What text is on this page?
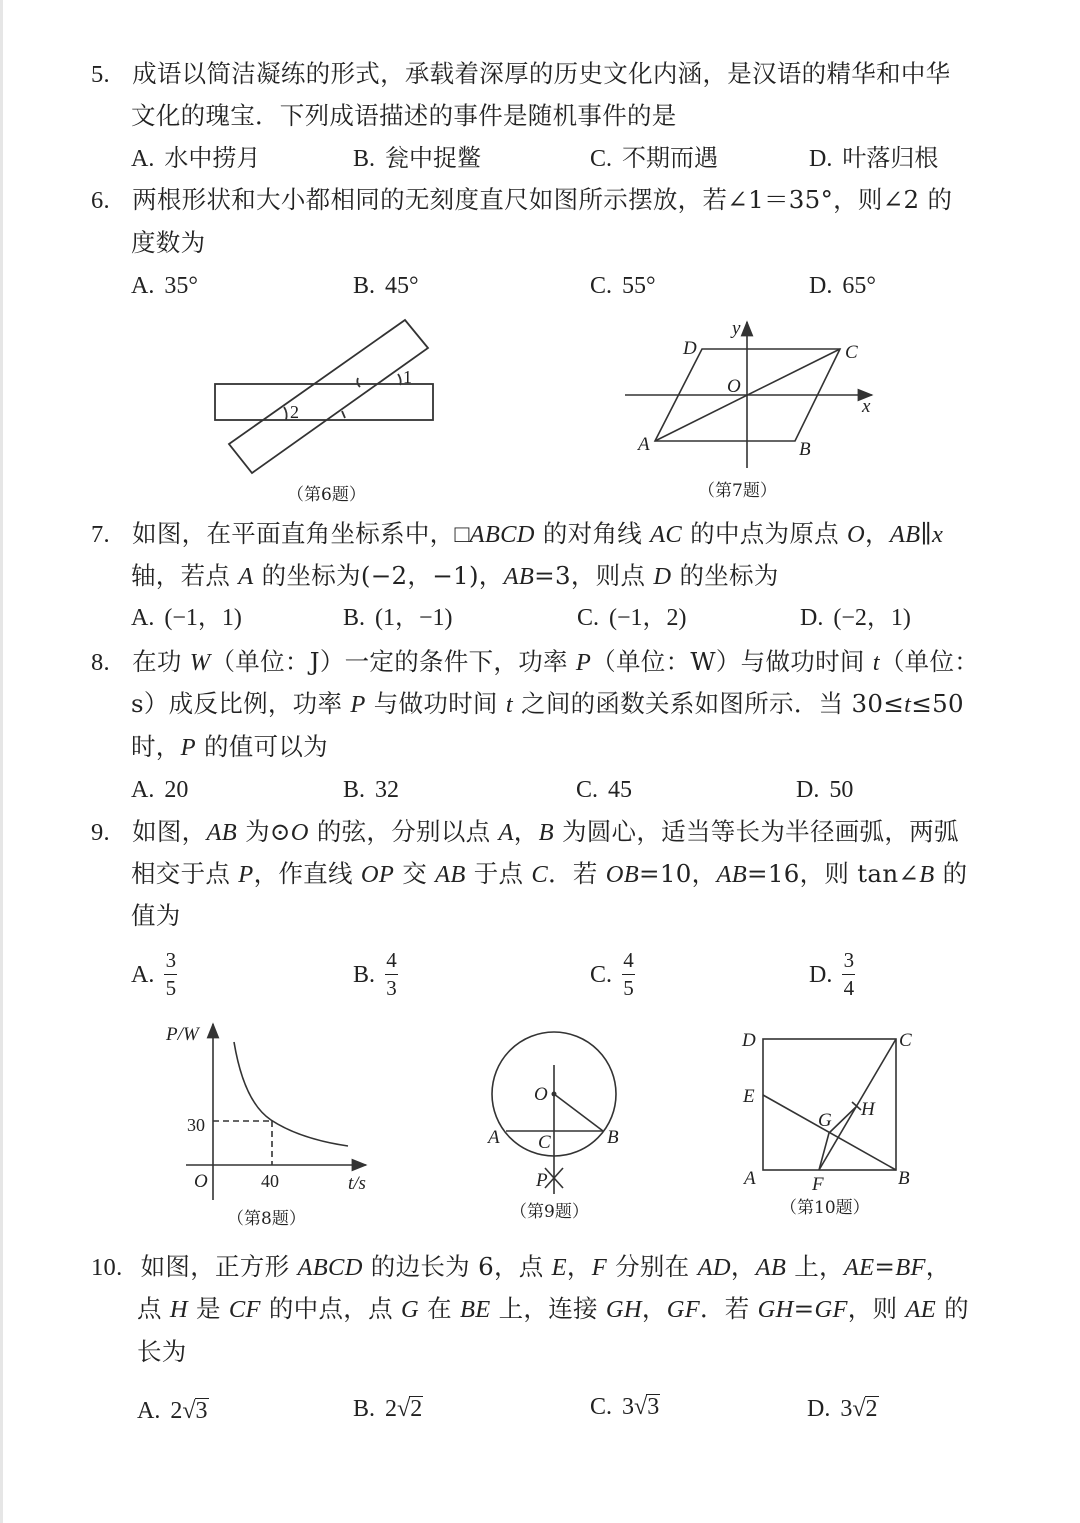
5. 成语以简洁凝练的形式，承载着深厚的历史文化内涵，是汉语的精华和中华
文化的瑰宝．下列成语描述的事件是随机事件的是
A. 水中捞月	B. 瓮中捉鳖	C. 不期而遇	D. 叶落归根
6. 两根形状和大小都相同的无刻度直尺如图所示摆放，若∠1＝35°，则∠2 的
度数为
A. 35°	B. 45°	C. 55°	D. 65°
1
2
（第6题）
y
x
O
D	C
A	B
（第7题）
7. 如图，在平面直角坐标系中，□ABCD 的对角线 AC 的中点为原点 O，AB∥x
轴，若点 A 的坐标为(−2，−1)，AB=3，则点 D 的坐标为
A. (−1，1)	B. (1，−1)	C. (−1，2)	D. (−2，1)
8. 在功 W（单位：J）一定的条件下，功率 P（单位：W）与做功时间 t（单位：
s）成反比例，功率 P 与做功时间 t 之间的函数关系如图所示．当 30≤t≤50
时，P 的值可以为
A. 20	B. 32	C. 45	D. 50
9. 如图，AB 为⊙O 的弦，分别以点 A，B 为圆心，适当等长为半径画弧，两弧
相交于点 P，作直线 OP 交 AB 于点 C．若 OB=10，AB=16，则 tan∠B 的
值为
A. $\frac{3}{5}$	B. $\frac{4}{3}$	C. $\frac{4}{5}$	D. $\frac{3}{4}$
P/W
30
40
O	t/s
（第8题）
O
A	B
C
P
（第9题）
D	C
E
G
H
A	F	B
（第10题）
10. 如图，正方形 ABCD 的边长为 6，点 E，F 分别在 AD，AB 上，AE=BF，
点 H 是 CF 的中点，点 G 在 BE 上，连接 GH，GF．若 GH=GF，则 AE 的
长为
A. 2√3	B. 2√2	C. 3√3	D. 3√2
